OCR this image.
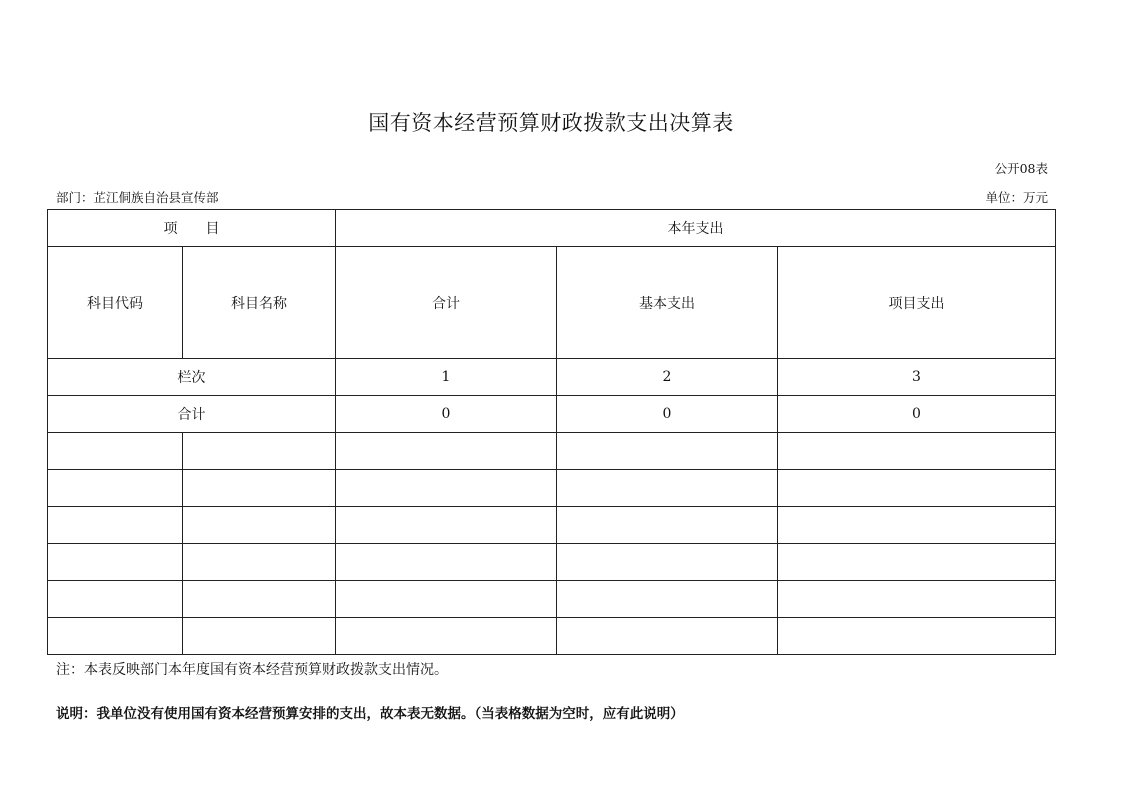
国有资本经营预算财政拨款支出决算表
公开08表
部门：芷江侗族自治县宣传部	单位：万元
项　　目		本年支出		
科目代码	科目名称	合计	基本支出	项目支出
栏次		1	2	3
合计		0	0	0

注：本表反映部门本年度国有资本经营预算财政拨款支出情况。
说明：我单位没有使用国有资本经营预算安排的支出，故本表无数据。（当表格数据为空时，应有此说明）
